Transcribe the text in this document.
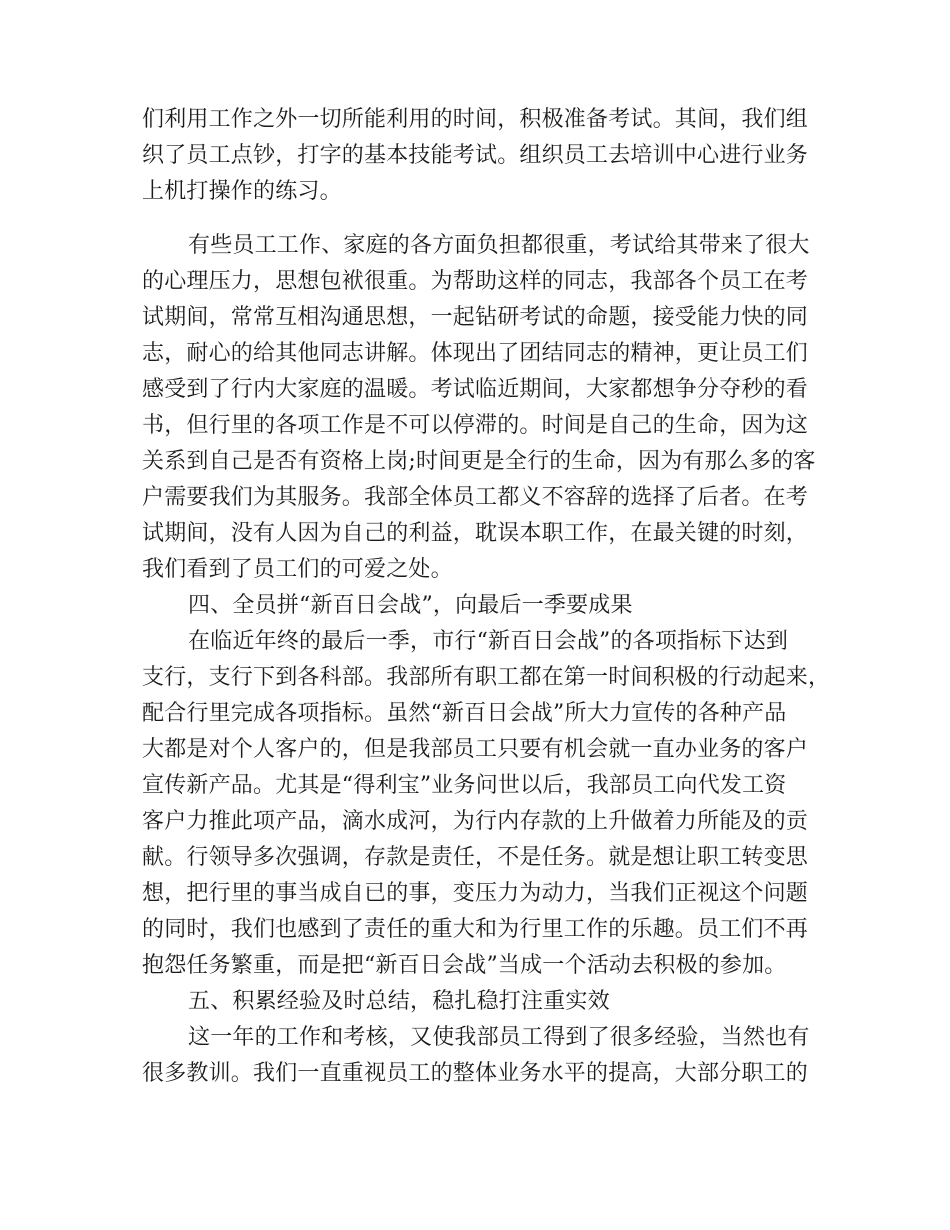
们利用工作之外一切所能利用的时间，积极准备考试。其间，我们组
织了员工点钞，打字的基本技能考试。组织员工去培训中心进行业务
上机打操作的练习。
有些员工工作、家庭的各方面负担都很重，考试给其带来了很大
的心理压力，思想包袱很重。为帮助这样的同志，我部各个员工在考
试期间，常常互相沟通思想，一起钻研考试的命题，接受能力快的同
志，耐心的给其他同志讲解。体现出了团结同志的精神，更让员工们
感受到了行内大家庭的温暖。考试临近期间，大家都想争分夺秒的看
书，但行里的各项工作是不可以停滞的。时间是自己的生命，因为这
关系到自己是否有资格上岗;时间更是全行的生命，因为有那么多的客
户需要我们为其服务。我部全体员工都义不容辞的选择了后者。在考
试期间，没有人因为自己的利益，耽误本职工作，在最关键的时刻，
我们看到了员工们的可爱之处。
四、全员拼“新百日会战”，向最后一季要成果
在临近年终的最后一季，市行“新百日会战”的各项指标下达到
支行，支行下到各科部。我部所有职工都在第一时间积极的行动起来，
配合行里完成各项指标。虽然“新百日会战”所大力宣传的各种产品
大都是对个人客户的，但是我部员工只要有机会就一直办业务的客户
宣传新产品。尤其是“得利宝”业务问世以后，我部员工向代发工资
客户力推此项产品，滴水成河，为行内存款的上升做着力所能及的贡
献。行领导多次强调，存款是责任，不是任务。就是想让职工转变思
想，把行里的事当成自已的事，变压力为动力，当我们正视这个问题
的同时，我们也感到了责任的重大和为行里工作的乐趣。员工们不再
抱怨任务繁重，而是把“新百日会战”当成一个活动去积极的参加。
五、积累经验及时总结，稳扎稳打注重实效
这一年的工作和考核，又使我部员工得到了很多经验，当然也有
很多教训。我们一直重视员工的整体业务水平的提高，大部分职工的
